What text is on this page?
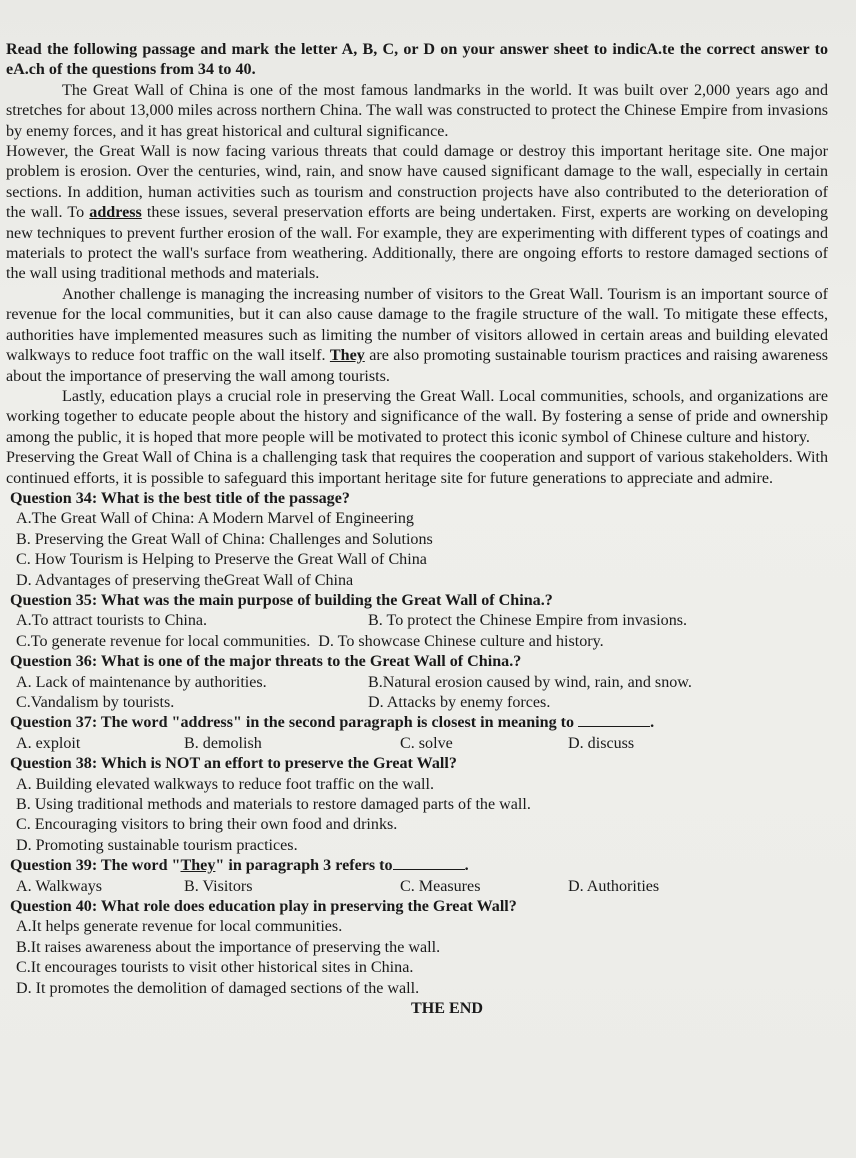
Read the following passage and mark the letter A, B, C, or D on your answer sheet to indicA.te the correct answer to eA.ch of the questions from 34 to 40.

The Great Wall of China is one of the most famous landmarks in the world. It was built over 2,000 years ago and stretches for about 13,000 miles across northern China. The wall was constructed to protect the Chinese Empire from invasions by enemy forces, and it has great historical and cultural significance.

However, the Great Wall is now facing various threats that could damage or destroy this important heritage site. One major problem is erosion. Over the centuries, wind, rain, and snow have caused significant damage to the wall, especially in certain sections. In addition, human activities such as tourism and construction projects have also contributed to the deterioration of the wall. To address these issues, several preservation efforts are being undertaken. First, experts are working on developing new techniques to prevent further erosion of the wall. For example, they are experimenting with different types of coatings and materials to protect the wall's surface from weathering. Additionally, there are ongoing efforts to restore damaged sections of the wall using traditional methods and materials.

Another challenge is managing the increasing number of visitors to the Great Wall. Tourism is an important source of revenue for the local communities, but it can also cause damage to the fragile structure of the wall. To mitigate these effects, authorities have implemented measures such as limiting the number of visitors allowed in certain areas and building elevated walkways to reduce foot traffic on the wall itself. They are also promoting sustainable tourism practices and raising awareness about the importance of preserving the wall among tourists.

Lastly, education plays a crucial role in preserving the Great Wall. Local communities, schools, and organizations are working together to educate people about the history and significance of the wall. By fostering a sense of pride and ownership among the public, it is hoped that more people will be motivated to protect this iconic symbol of Chinese culture and history.

Preserving the Great Wall of China is a challenging task that requires the cooperation and support of various stakeholders. With continued efforts, it is possible to safeguard this important heritage site for future generations to appreciate and admire.

Question 34: What is the best title of the passage?
A.The Great Wall of China: A Modern Marvel of Engineering
B. Preserving the Great Wall of China: Challenges and Solutions
C. How Tourism is Helping to Preserve the Great Wall of China
D. Advantages of preserving theGreat Wall of China
Question 35: What was the main purpose of building the Great Wall of China.?
A.To attract tourists to China.	B. To protect the Chinese Empire from invasions.
C.To generate revenue for local communities. D. To showcase Chinese culture and history.
Question 36: What is one of the major threats to the Great Wall of China.?
A. Lack of maintenance by authorities.	B.Natural erosion caused by wind, rain, and snow.
C.Vandalism by tourists.	D. Attacks by enemy forces.
Question 37: The word "address" in the second paragraph is closest in meaning to	.
A. exploit	B. demolish	C. solve	D. discuss
Question 38: Which is NOT an effort to preserve the Great Wall?
A. Building elevated walkways to reduce foot traffic on the wall.
B. Using traditional methods and materials to restore damaged parts of the wall.
C. Encouraging visitors to bring their own food and drinks.
D. Promoting sustainable tourism practices.
Question 39: The word "They" in paragraph 3 refers to	.
A. Walkways	B. Visitors	C. Measures	D. Authorities
Question 40: What role does education play in preserving the Great Wall?
A.It helps generate revenue for local communities.
B.It raises awareness about the importance of preserving the wall.
C.It encourages tourists to visit other historical sites in China.
D. It promotes the demolition of damaged sections of the wall.
THE END
